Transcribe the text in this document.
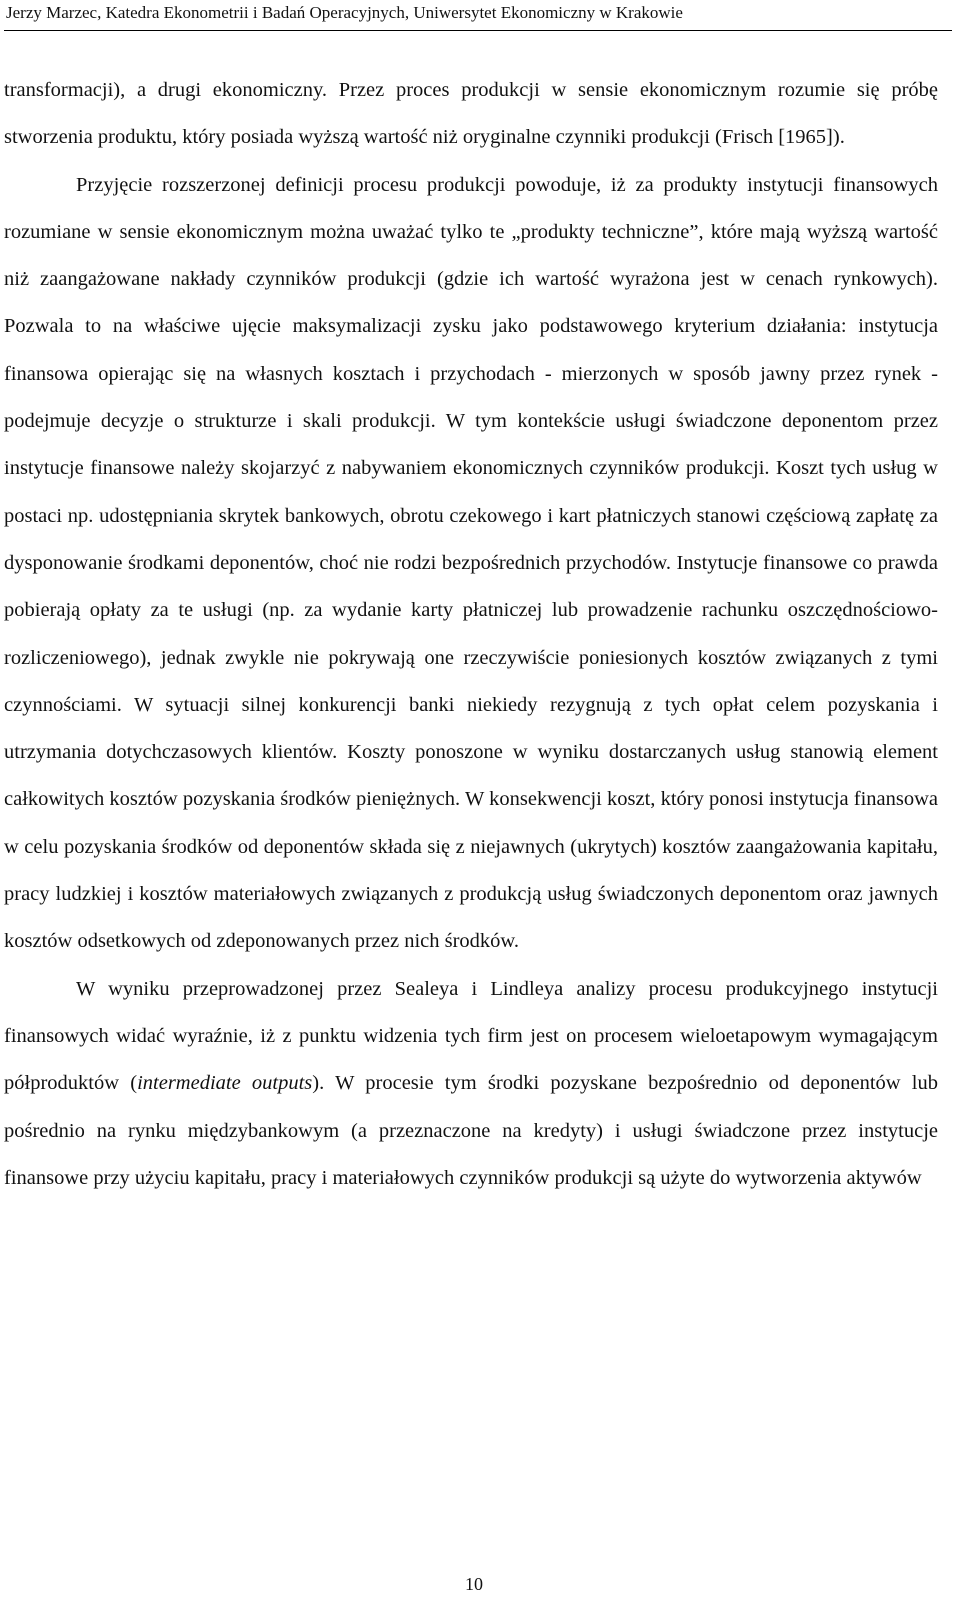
Jerzy Marzec, Katedra Ekonometrii i Badań Operacyjnych, Uniwersytet Ekonomiczny w Krakowie

transformacji), a drugi ekonomiczny. Przez proces produkcji w sensie ekonomicznym rozumie się próbę stworzenia produktu, który posiada wyższą wartość niż oryginalne czynniki produkcji (Frisch [1965]).

Przyjęcie rozszerzonej definicji procesu produkcji powoduje, iż za produkty instytucji finansowych rozumiane w sensie ekonomicznym można uważać tylko te „produkty techniczne”, które mają wyższą wartość niż zaangażowane nakłady czynników produkcji (gdzie ich wartość wyrażona jest w cenach rynkowych). Pozwala to na właściwe ujęcie maksymalizacji zysku jako podstawowego kryterium działania: instytucja finansowa opierając się na własnych kosztach i przychodach - mierzonych w sposób jawny przez rynek - podejmuje decyzje o strukturze i skali produkcji. W tym kontekście usługi świadczone deponentom przez instytucje finansowe należy skojarzyć z nabywaniem ekonomicznych czynników produkcji. Koszt tych usług w postaci np. udostępniania skrytek bankowych, obrotu czekowego i kart płatniczych stanowi częściową zapłatę za dysponowanie środkami deponentów, choć nie rodzi bezpośrednich przychodów. Instytucje finansowe co prawda pobierają opłaty za te usługi (np. za wydanie karty płatniczej lub prowadzenie rachunku oszczędnościowo-rozliczeniowego), jednak zwykle nie pokrywają one rzeczywiście poniesionych kosztów związanych z tymi czynnościami. W sytuacji silnej konkurencji banki niekiedy rezygnują z tych opłat celem pozyskania i utrzymania dotychczasowych klientów. Koszty ponoszone w wyniku dostarczanych usług stanowią element całkowitych kosztów pozyskania środków pieniężnych. W konsekwencji koszt, który ponosi instytucja finansowa w celu pozyskania środków od deponentów składa się z niejawnych (ukrytych) kosztów zaangażowania kapitału, pracy ludzkiej i kosztów materiałowych związanych z produkcją usług świadczonych deponentom oraz jawnych kosztów odsetkowych od zdeponowanych przez nich środków.

W wyniku przeprowadzonej przez Sealeya i Lindleya analizy procesu produkcyjnego instytucji finansowych widać wyraźnie, iż z punktu widzenia tych firm jest on procesem wieloetapowym wymagającym półproduktów (intermediate outputs). W procesie tym środki pozyskane bezpośrednio od deponentów lub pośrednio na rynku międzybankowym (a przeznaczone na kredyty) i usługi świadczone przez instytucje finansowe przy użyciu kapitału, pracy i materiałowych czynników produkcji są użyte do wytworzenia aktywów

10
